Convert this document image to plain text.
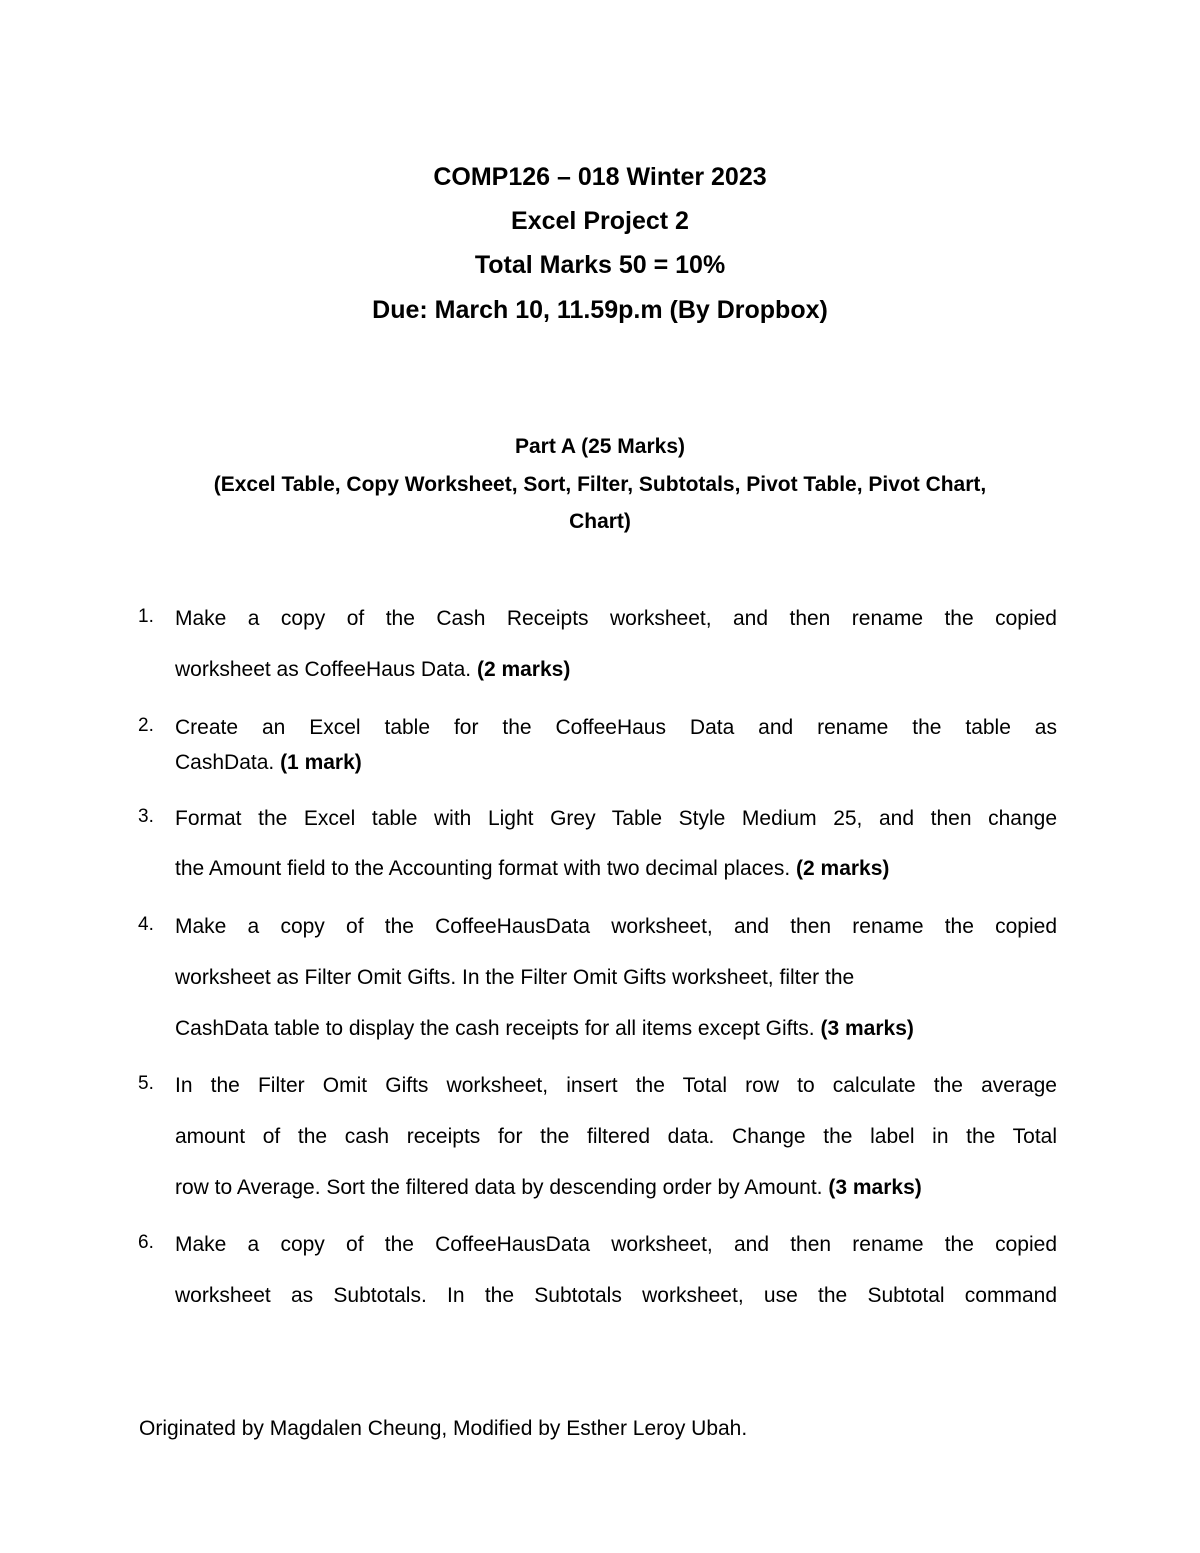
COMP126 – 018 Winter 2023
Excel Project 2
Total Marks 50 = 10%
Due: March 10, 11.59p.m (By Dropbox)
Part A (25 Marks)
(Excel Table, Copy Worksheet, Sort, Filter, Subtotals, Pivot Table, Pivot Chart,
Chart)
1.	Make a copy of the Cash Receipts worksheet, and then rename the copied
worksheet as CoffeeHaus Data. (2 marks)
2.	Create an Excel table for the CoffeeHaus Data and rename the table as
CashData. (1 mark)
3.	Format the Excel table with Light Grey Table Style Medium 25, and then change
the Amount field to the Accounting format with two decimal places. (2 marks)
4.	Make a copy of the CoffeeHausData worksheet, and then rename the copied
worksheet as Filter Omit Gifts. In the Filter Omit Gifts worksheet, filter the
CashData table to display the cash receipts for all items except Gifts. (3 marks)
5.	In the Filter Omit Gifts worksheet, insert the Total row to calculate the average
amount of the cash receipts for the filtered data. Change the label in the Total
row to Average. Sort the filtered data by descending order by Amount. (3 marks)
6.	Make a copy of the CoffeeHausData worksheet, and then rename the copied
worksheet as Subtotals. In the Subtotals worksheet, use the Subtotal command
Originated by Magdalen Cheung, Modified by Esther Leroy Ubah.
